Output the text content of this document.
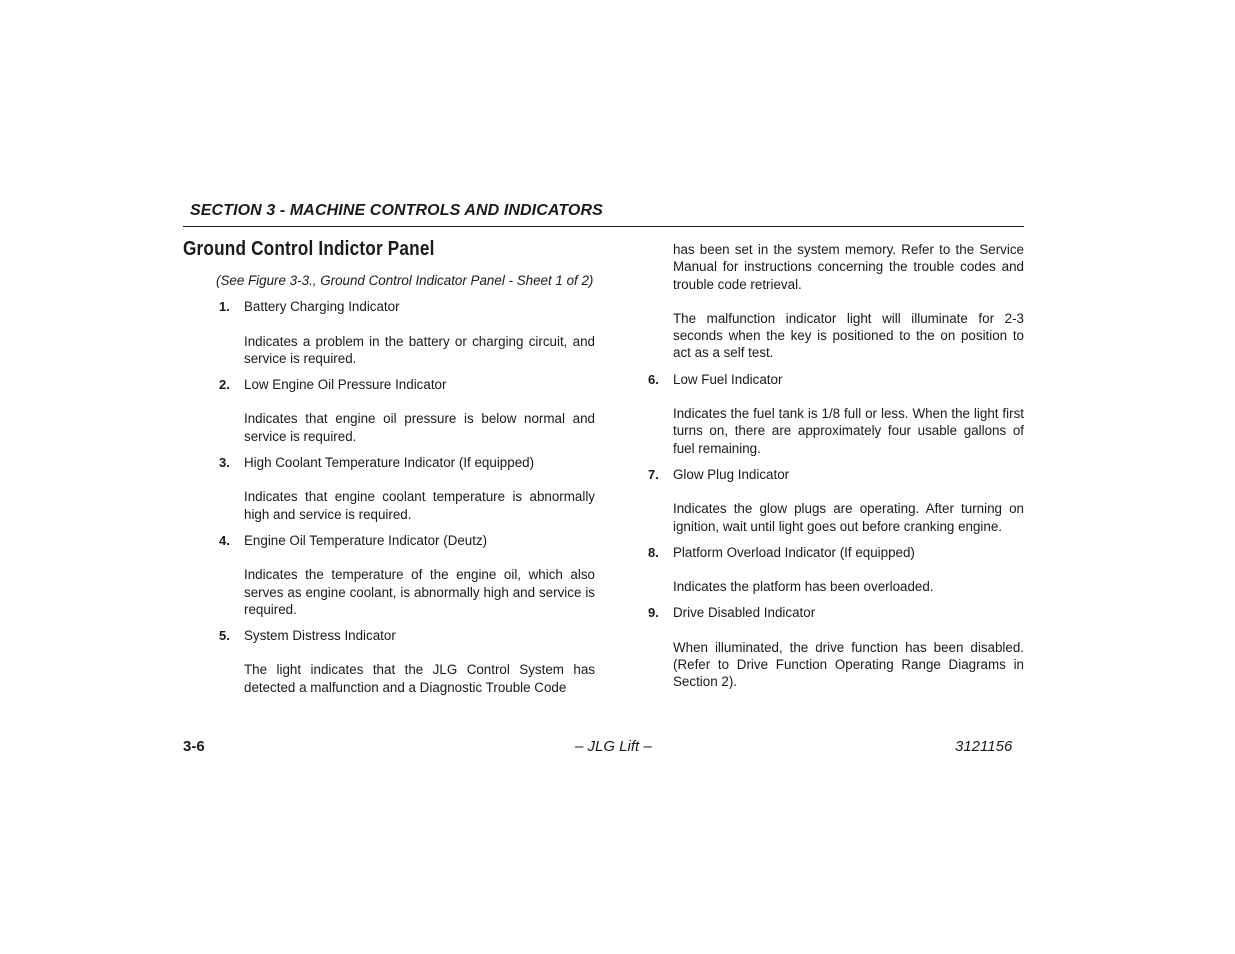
SECTION 3 - MACHINE CONTROLS AND INDICATORS
Ground Control Indictor Panel

(See Figure 3-3., Ground Control Indicator Panel - Sheet 1 of 2)

1. Battery Charging Indicator

Indicates a problem in the battery or charging circuit, and service is required.

2. Low Engine Oil Pressure Indicator

Indicates that engine oil pressure is below normal and service is required.

3. High Coolant Temperature Indicator (If equipped)

Indicates that engine coolant temperature is abnormally high and service is required.

4. Engine Oil Temperature Indicator (Deutz)

Indicates the temperature of the engine oil, which also serves as engine coolant, is abnormally high and service is required.

5. System Distress Indicator

The light indicates that the JLG Control System has detected a malfunction and a Diagnostic Trouble Code

has been set in the system memory. Refer to the Service Manual for instructions concerning the trouble codes and trouble code retrieval.

The malfunction indicator light will illuminate for 2-3 seconds when the key is positioned to the on position to act as a self test.

6. Low Fuel Indicator

Indicates the fuel tank is 1/8 full or less. When the light first turns on, there are approximately four usable gallons of fuel remaining.

7. Glow Plug Indicator

Indicates the glow plugs are operating. After turning on ignition, wait until light goes out before cranking engine.

8. Platform Overload Indicator (If equipped)

Indicates the platform has been overloaded.

9. Drive Disabled Indicator

When illuminated, the drive function has been disabled. (Refer to Drive Function Operating Range Diagrams in Section 2).

3-6	– JLG Lift –	3121156
